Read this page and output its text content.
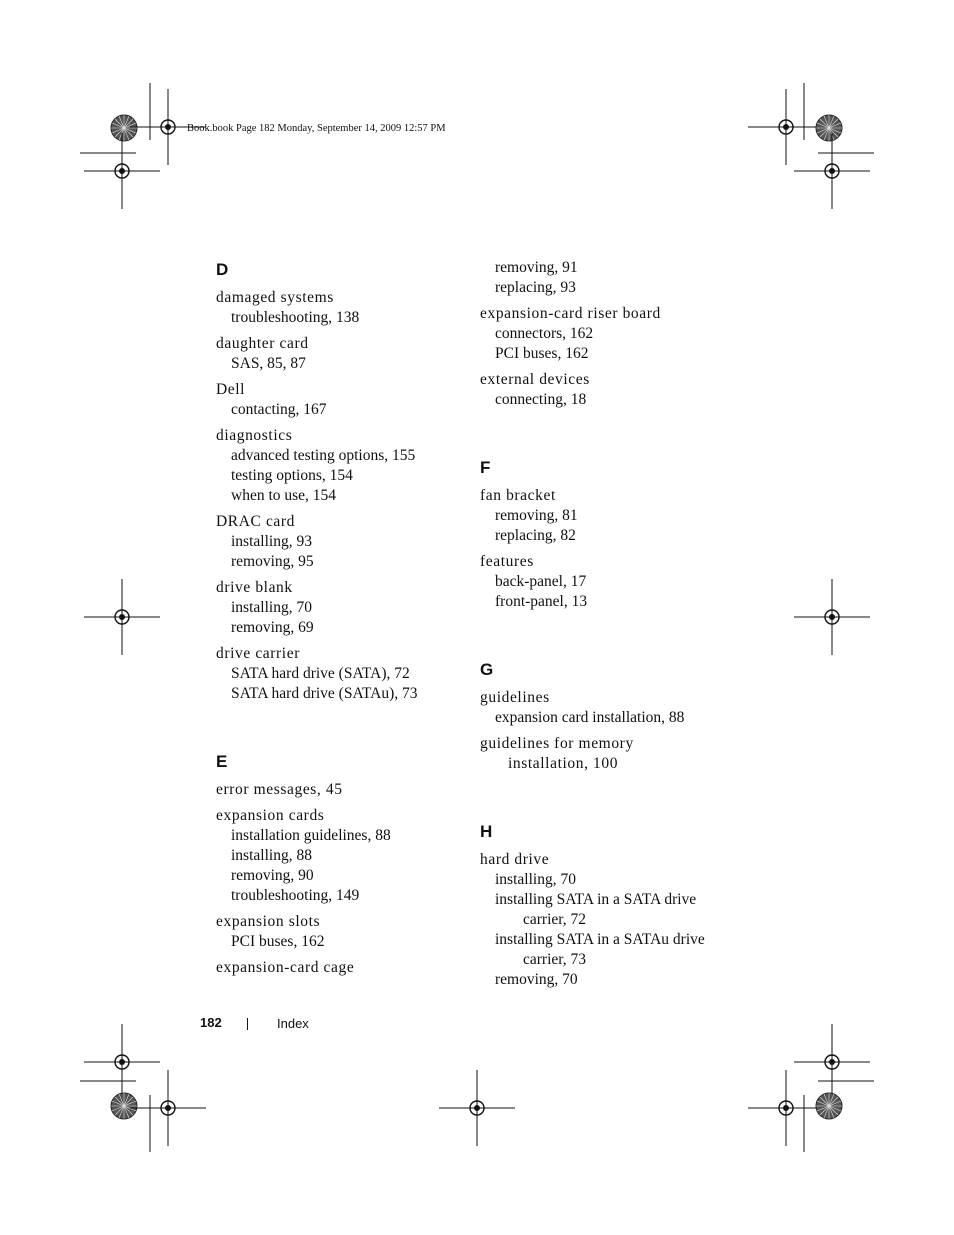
Book.book Page 182 Monday, September 14, 2009 12:57 PM
D
damaged systems
troubleshooting, 138
daughter card
SAS, 85, 87
Dell
contacting, 167
diagnostics
advanced testing options, 155
testing options, 154
when to use, 154
DRAC card
installing, 93
removing, 95
drive blank
installing, 70
removing, 69
drive carrier
SATA hard drive (SATA), 72
SATA hard drive (SATAu), 73
E
error messages, 45
expansion cards
installation guidelines, 88
installing, 88
removing, 90
troubleshooting, 149
expansion slots
PCI buses, 162
expansion-card cage
removing, 91
replacing, 93
expansion-card riser board
connectors, 162
PCI buses, 162
external devices
connecting, 18
F
fan bracket
removing, 81
replacing, 82
features
back-panel, 17
front-panel, 13
G
guidelines
expansion card installation, 88
guidelines for memory
installation, 100
H
hard drive
installing, 70
installing SATA in a SATA drive
carrier, 72
installing SATA in a SATAu drive
carrier, 73
removing, 70
182	Index
